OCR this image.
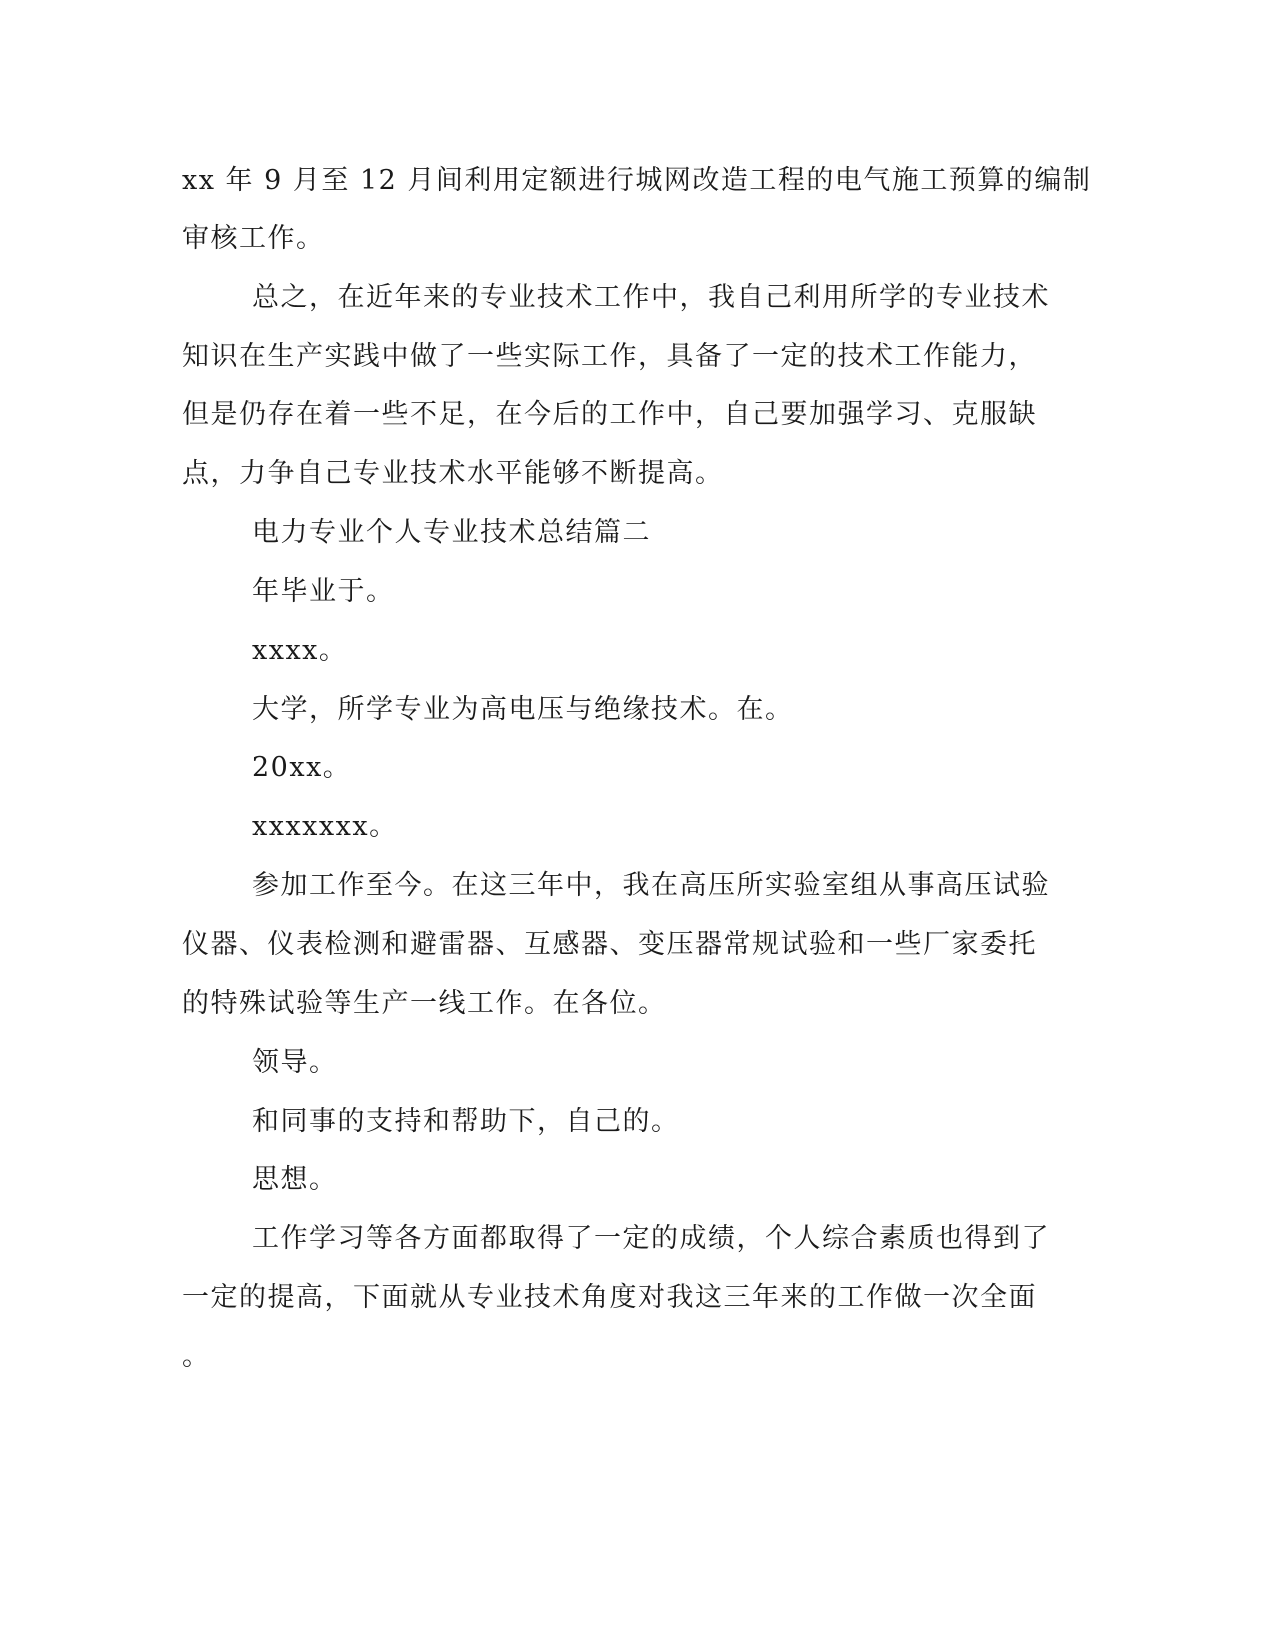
xx 年 9 月至 12 月间利用定额进行城网改造工程的电气施工预算的编制
审核工作。
总之，在近年来的专业技术工作中，我自己利用所学的专业技术
知识在生产实践中做了一些实际工作，具备了一定的技术工作能力，
但是仍存在着一些不足，在今后的工作中，自己要加强学习、克服缺
点，力争自己专业技术水平能够不断提高。
电力专业个人专业技术总结篇二
年毕业于。
xxxx。
大学，所学专业为高电压与绝缘技术。在。
20xx。
xxxxxxx。
参加工作至今。在这三年中，我在高压所实验室组从事高压试验
仪器、仪表检测和避雷器、互感器、变压器常规试验和一些厂家委托
的特殊试验等生产一线工作。在各位。
领导。
和同事的支持和帮助下，自己的。
思想。
工作学习等各方面都取得了一定的成绩，个人综合素质也得到了
一定的提高，下面就从专业技术角度对我这三年来的工作做一次全面
。
